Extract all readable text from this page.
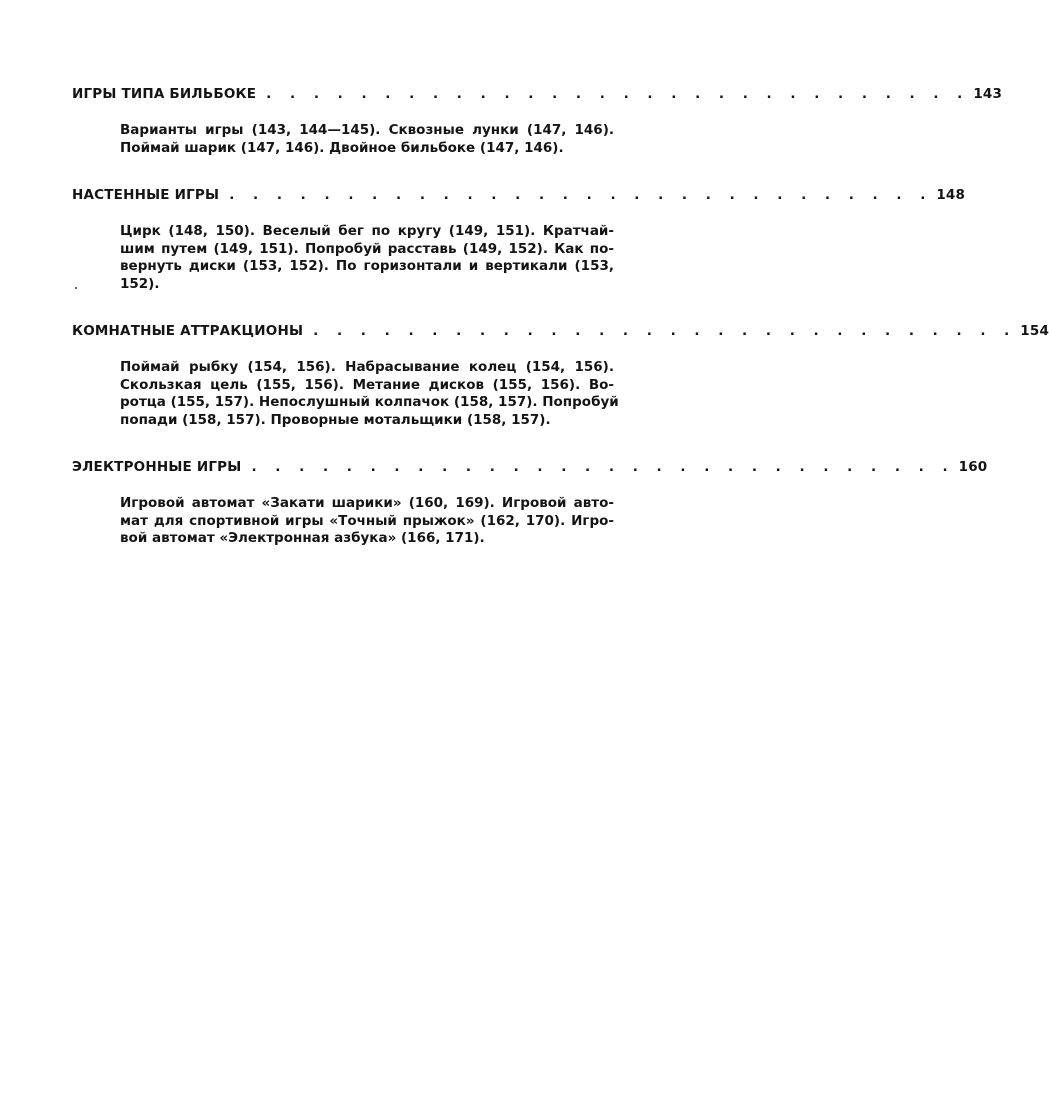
ИГРЫ ТИПА БИЛЬБОКЕ . . . . . . . . . . . . . . . . . . . . . . . . . . . . . . 143
Варианты игры (143, 144—145). Сквозные лунки (147, 146).
Поймай шарик (147, 146). Двойное бильбоке (147, 146).
НАСТЕННЫЕ ИГРЫ . . . . . . . . . . . . . . . . . . . . . . . . . . . . . . 148
Цирк (148, 150). Веселый бег по кругу (149, 151). Кратчай-
шим путем (149, 151). Попробуй расставь (149, 152). Как по-
вернуть диски (153, 152). По горизонтали и вертикали (153,
152).
КОМНАТНЫЕ АТТРАКЦИОНЫ . . . . . . . . . . . . . . . . . . . . . . . . . . . . . . 154
Поймай рыбку (154, 156). Набрасывание колец (154, 156).
Скользкая цель (155, 156). Метание дисков (155, 156). Во-
ротца (155, 157). Непослушный колпачок (158, 157). Попробуй
попади (158, 157). Проворные мотальщики (158, 157).
ЭЛЕКТРОННЫЕ ИГРЫ . . . . . . . . . . . . . . . . . . . . . . . . . . . . . . 160
Игровой автомат «Закати шарики» (160, 169). Игровой авто-
мат для спортивной игры «Точный прыжок» (162, 170). Игро-
вой автомат «Электронная азбука» (166, 171).
